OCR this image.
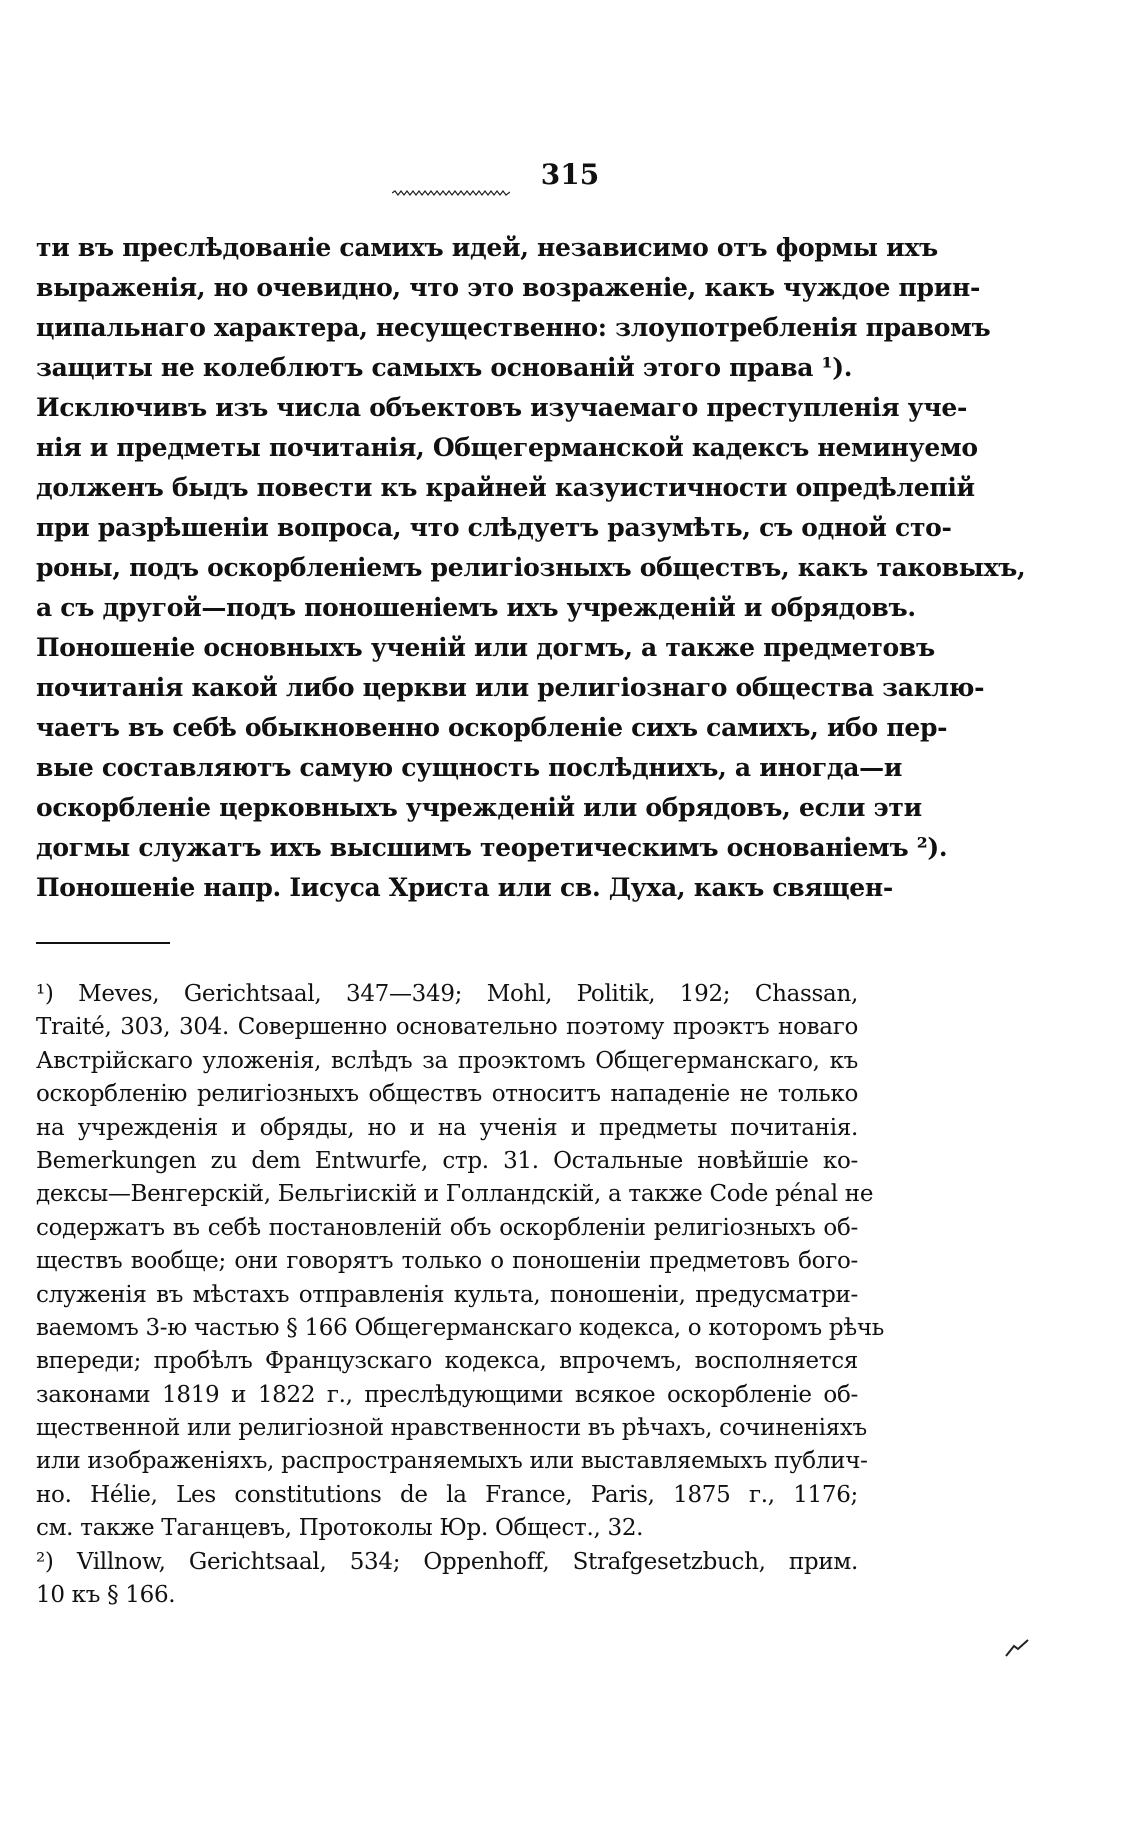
315
ти въ преслѣдованіе самихъ идей, независимо отъ формы ихъ
выраженія, но очевидно, что это возраженіе, какъ чуждое прин-
ципальнаго характера, несущественно: злоупотребленія правомъ
защиты не колеблютъ самыхъ основаній этого права ¹).
Исключивъ изъ числа объектовъ изучаемаго преступленія уче-
нія и предметы почитанія, Общегерманской кадексъ неминуемо
долженъ быдъ повести къ крайней казуистичности опредѣлепій
при разрѣшеніи вопроса, что слѣдуетъ разумѣть, съ одной сто-
роны, подъ оскорбленіемъ религіозныхъ обществъ, какъ таковыхъ,
а съ другой—подъ поношеніемъ ихъ учрежденій и обрядовъ.
Поношеніе основныхъ ученій или догмъ, а также предметовъ
почитанія какой либо церкви или религіознаго общества заклю-
чаетъ въ себѣ обыкновенно оскорбленіе сихъ самихъ, ибо пер-
вые составляютъ самую сущность послѣднихъ, а иногда—и
оскорбленіе церковныхъ учрежденій или обрядовъ, если эти
догмы служатъ ихъ высшимъ теоретическимъ основаніемъ ²).
Поношеніе напр. Іисуса Христа или св. Духа, какъ священ-
¹) Meves, Gerichtsaal, 347—349; Mohl, Politik, 192; Chassan,
Traité, 303, 304. Совершенно основательно поэтому проэктъ новаго
Австрійскаго уложенія, вслѣдъ за проэктомъ Общегерманскаго, къ
оскорбленію религіозныхъ обществъ относитъ нападеніе не только
на учрежденія и обряды, но и на ученія и предметы почитанія.
Bemerkungen zu dem Entwurfe, стр. 31. Остальные новѣйшіе ко-
дексы—Венгерскій, Бельгіискій и Голландскій, а также Code pénal не
содержатъ въ себѣ постановленій объ оскорбленіи религіозныхъ об-
ществъ вообще; они говорятъ только о поношеніи предметовъ бого-
служенія въ мѣстахъ отправленія культа, поношеніи, предусматри-
ваемомъ 3-ю частью § 166 Общегерманскаго кодекса, о которомъ рѣчь
впереди; пробѣлъ Французскаго кодекса, впрочемъ, восполняется
законами 1819 и 1822 г., преслѣдующими всякое оскорбленіе об-
щественной или религіозной нравственности въ рѣчахъ, сочиненіяхъ
или изображеніяхъ, распространяемыхъ или выставляемыхъ публич-
но. Hélie, Les constitutions de la France, Paris, 1875 г., 1176;
см. также Таганцевъ, Протоколы Юр. Общест., 32.
²) Villnow, Gerichtsaal, 534; Oppenhoff, Strafgesetzbuch, прим.
10 къ § 166.
